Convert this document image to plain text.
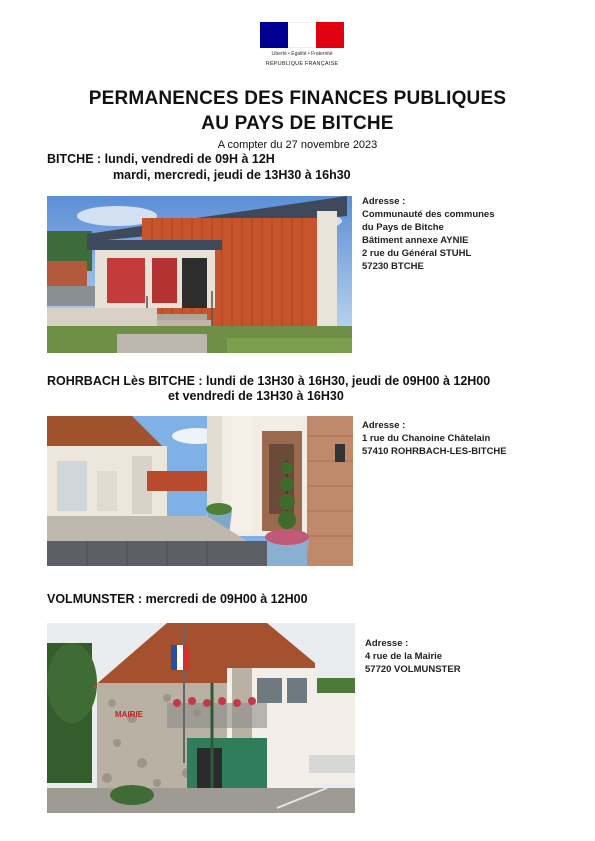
Liberté • Égalité • Fraternité
RÉPUBLIQUE FRANÇAISE
PERMANENCES DES FINANCES PUBLIQUES
AU PAYS DE BITCHE
A compter du 27 novembre 2023
BITCHE : lundi, vendredi de 09H à 12H
mardi, mercredi, jeudi de 13H30 à 16h30
Adresse :
Communauté des communes
du Pays de Bitche
Bâtiment annexe AYNIE
2 rue du Général STUHL
57230 BTCHE
ROHRBACH Lès BITCHE : lundi de 13H30 à 16H30, jeudi de 09H00 à 12H00
et vendredi de 13H30 à 16H30
Adresse :
1 rue du Chanoine Châtelain
57410 ROHRBACH-LES-BITCHE
VOLMUNSTER : mercredi de 09H00 à 12H00
MAIRIE
Adresse :
4 rue de la Mairie
57720 VOLMUNSTER
